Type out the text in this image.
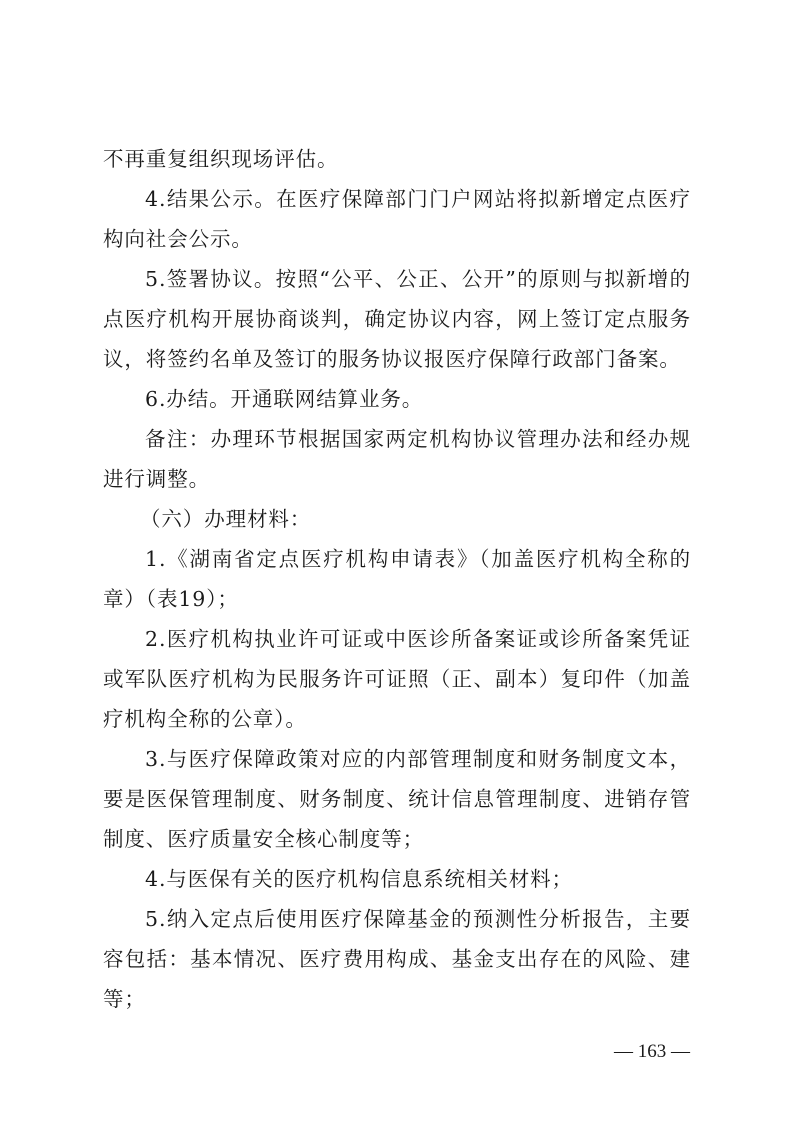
不再重复组织现场评估。
4.结果公示。在医疗保障部门门户网站将拟新增定点医疗
构向社会公示。
5.签署协议。按照“公平、公正、公开”的原则与拟新增的
点医疗机构开展协商谈判，确定协议内容，网上签订定点服务
议，将签约名单及签订的服务协议报医疗保障行政部门备案。
6.办结。开通联网结算业务。
备注：办理环节根据国家两定机构协议管理办法和经办规
进行调整。
（六）办理材料：
1.《湖南省定点医疗机构申请表》（加盖医疗机构全称的
章）（表19）；
2.医疗机构执业许可证或中医诊所备案证或诊所备案凭证
或军队医疗机构为民服务许可证照（正、副本）复印件（加盖
疗机构全称的公章）。
3.与医疗保障政策对应的内部管理制度和财务制度文本，
要是医保管理制度、财务制度、统计信息管理制度、进销存管
制度、医疗质量安全核心制度等；
4.与医保有关的医疗机构信息系统相关材料；
5.纳入定点后使用医疗保障基金的预测性分析报告，主要
容包括：基本情况、医疗费用构成、基金支出存在的风险、建
等；
— 163 —
